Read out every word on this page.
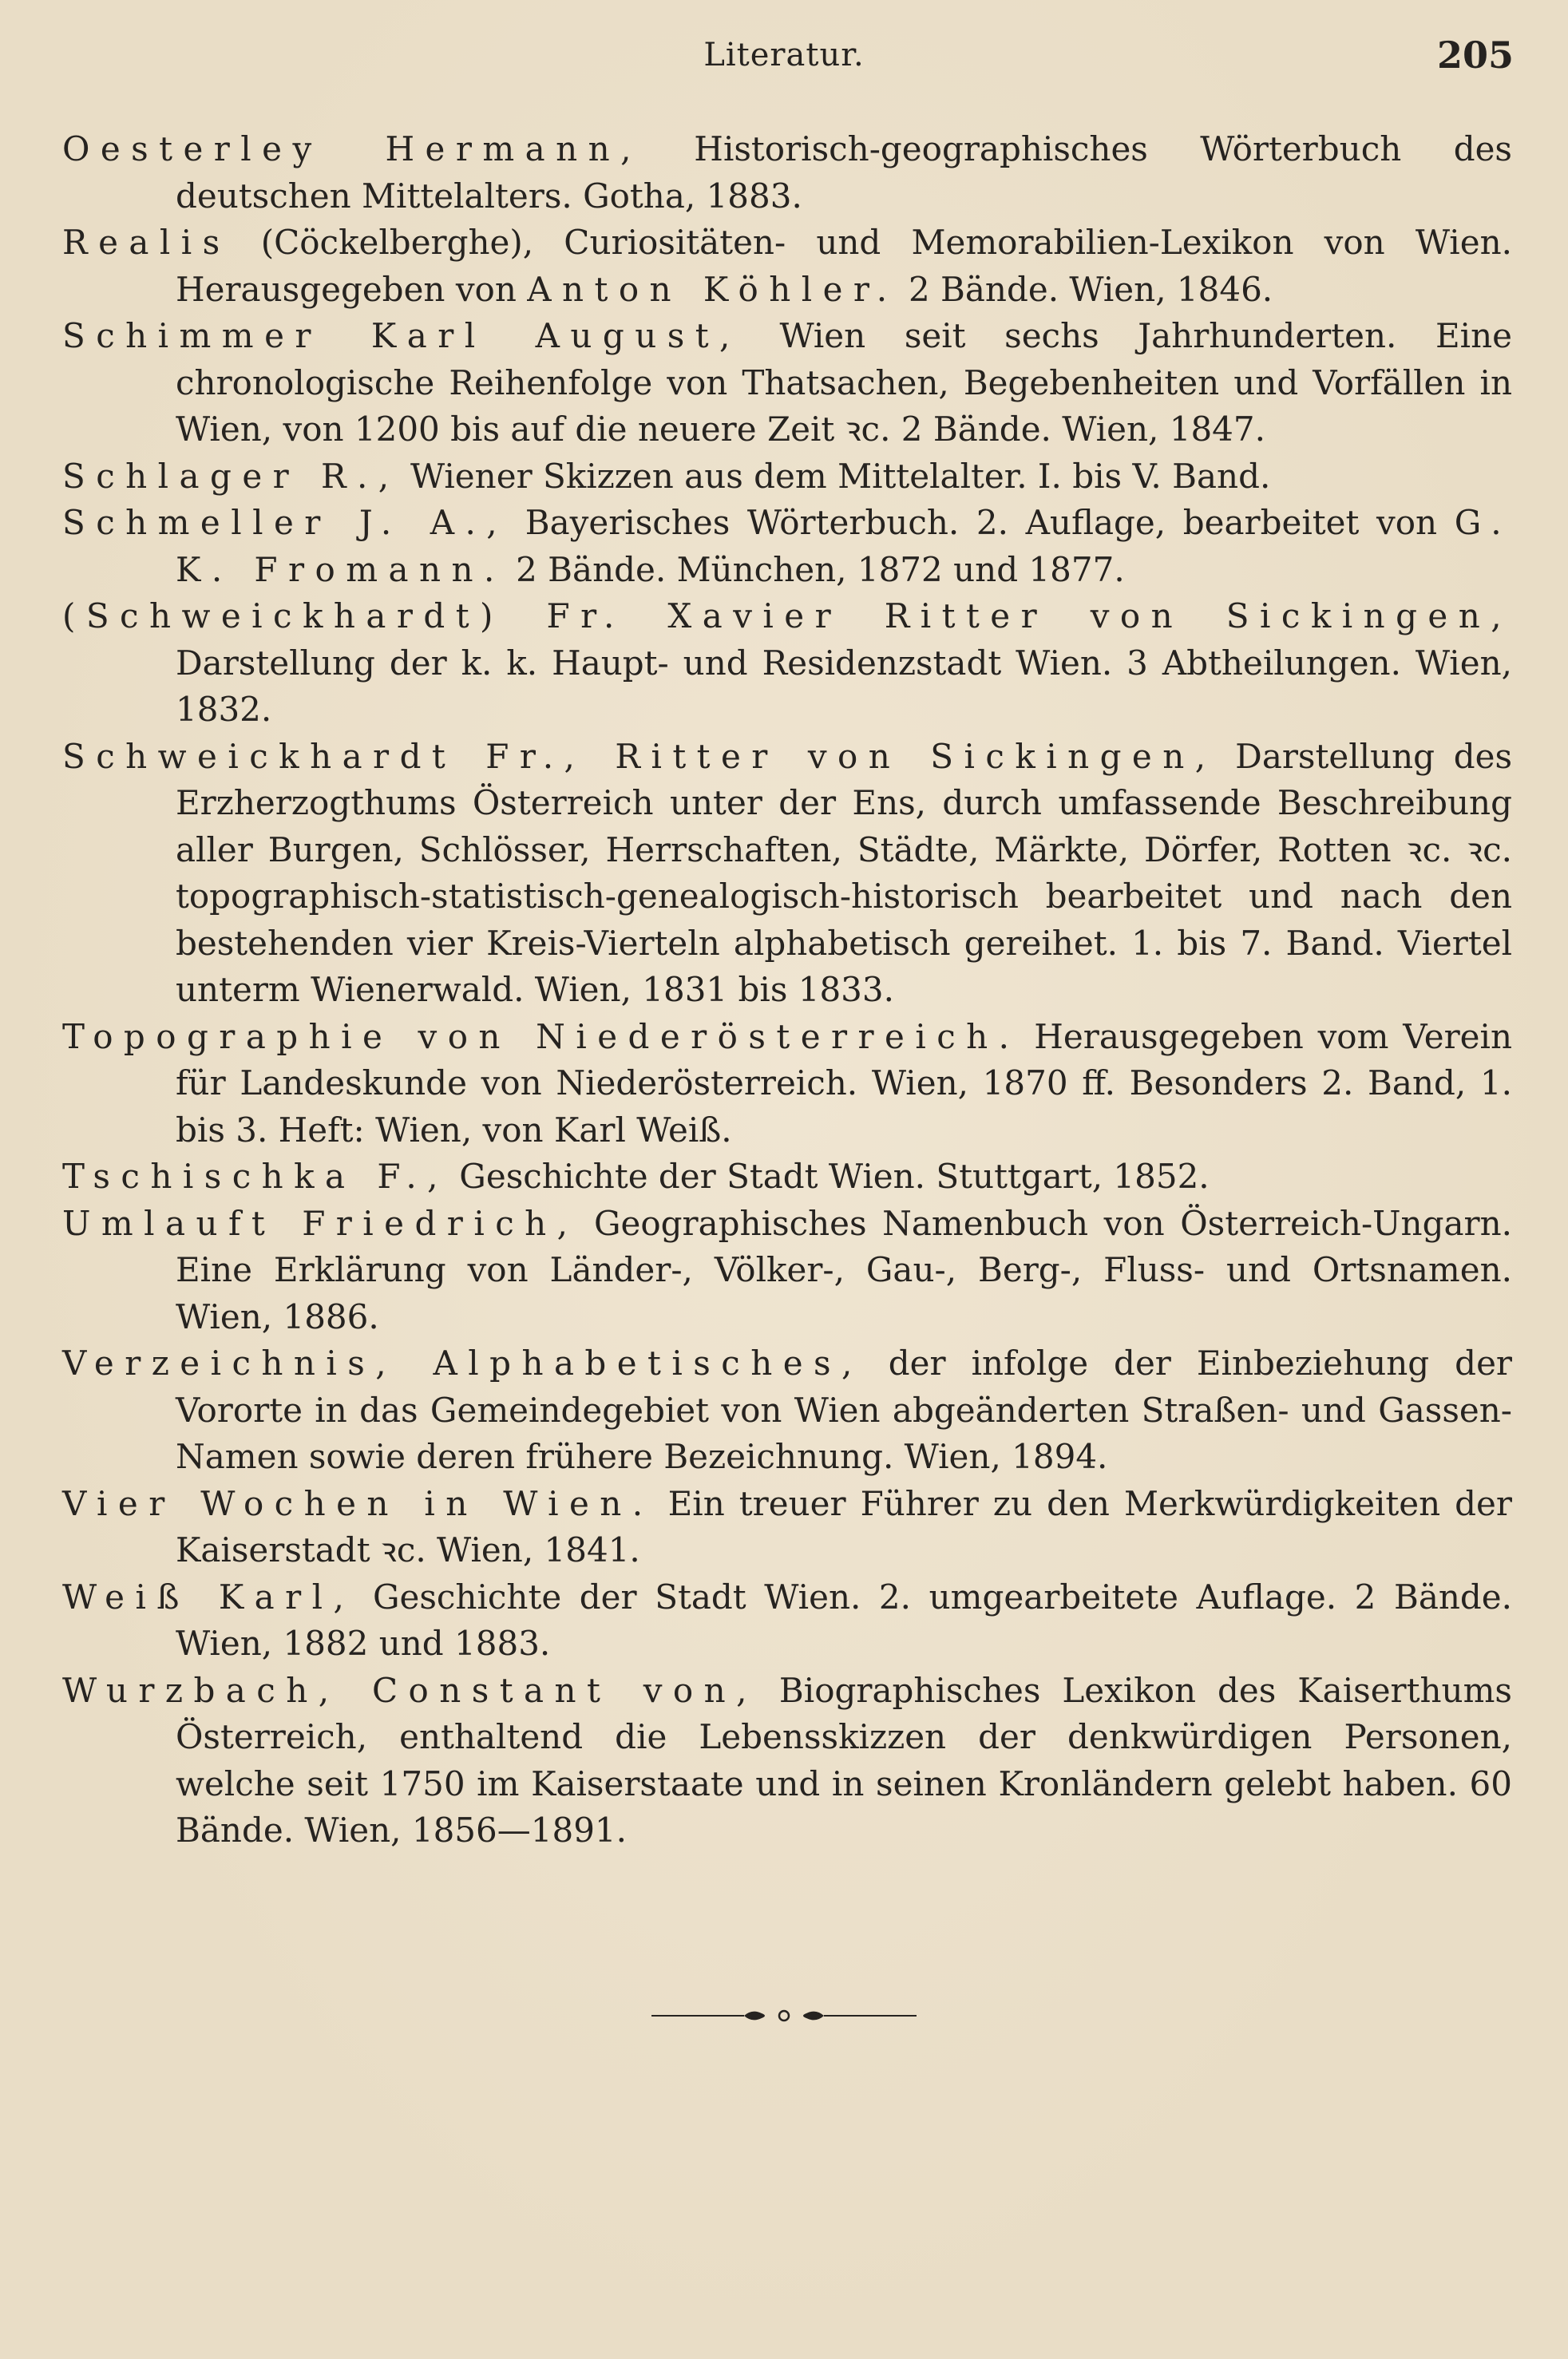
Literatur.	205

Oesterley Hermann, Historisch-geographisches Wörterbuch des deutschen Mittelalters. Gotha, 1883.

Realis (Cöckelberghe), Curiositäten- und Memorabilien-Lexikon von Wien. Herausgegeben von Anton Köhler. 2 Bände. Wien, 1846.

Schimmer Karl August, Wien seit sechs Jahrhunderten. Eine chronologische Reihenfolge von Thatsachen, Begebenheiten und Vorfällen in Wien, von 1200 bis auf die neuere Zeit ꝛc. 2 Bände. Wien, 1847.

Schlager R., Wiener Skizzen aus dem Mittelalter. I. bis V. Band.

Schmeller J. A., Bayerisches Wörterbuch. 2. Auflage, bearbeitet von G. K. Fromann. 2 Bände. München, 1872 und 1877.

(Schweickhardt) Fr. Xavier Ritter von Sickingen, Darstellung der k. k. Haupt- und Residenzstadt Wien. 3 Abtheilungen. Wien, 1832.

Schweickhardt Fr., Ritter von Sickingen, Darstellung des Erzherzogthums Österreich unter der Ens, durch umfassende Beschreibung aller Burgen, Schlösser, Herrschaften, Städte, Märkte, Dörfer, Rotten ꝛc. ꝛc. topographisch-statistisch-genealogisch-historisch bearbeitet und nach den bestehenden vier Kreis-Vierteln alphabetisch gereihet. 1. bis 7. Band. Viertel unterm Wienerwald. Wien, 1831 bis 1833.

Topographie von Niederösterreich. Herausgegeben vom Verein für Landeskunde von Niederösterreich. Wien, 1870 ff. Besonders 2. Band, 1. bis 3. Heft: Wien, von Karl Weiß.

Tschischka F., Geschichte der Stadt Wien. Stuttgart, 1852.

Umlauft Friedrich, Geographisches Namenbuch von Österreich-Ungarn. Eine Erklärung von Länder-, Völker-, Gau-, Berg-, Fluss- und Ortsnamen. Wien, 1886.

Verzeichnis, Alphabetisches, der infolge der Einbeziehung der Vororte in das Gemeindegebiet von Wien abgeänderten Straßen- und Gassen-Namen sowie deren frühere Bezeichnung. Wien, 1894.

Vier Wochen in Wien. Ein treuer Führer zu den Merkwürdigkeiten der Kaiserstadt ꝛc. Wien, 1841.

Weiß Karl, Geschichte der Stadt Wien. 2. umgearbeitete Auflage. 2 Bände. Wien, 1882 und 1883.

Wurzbach, Constant von, Biographisches Lexikon des Kaiserthums Österreich, enthaltend die Lebensskizzen der denkwürdigen Personen, welche seit 1750 im Kaiserstaate und in seinen Kronländern gelebt haben. 60 Bände. Wien, 1856—1891.
